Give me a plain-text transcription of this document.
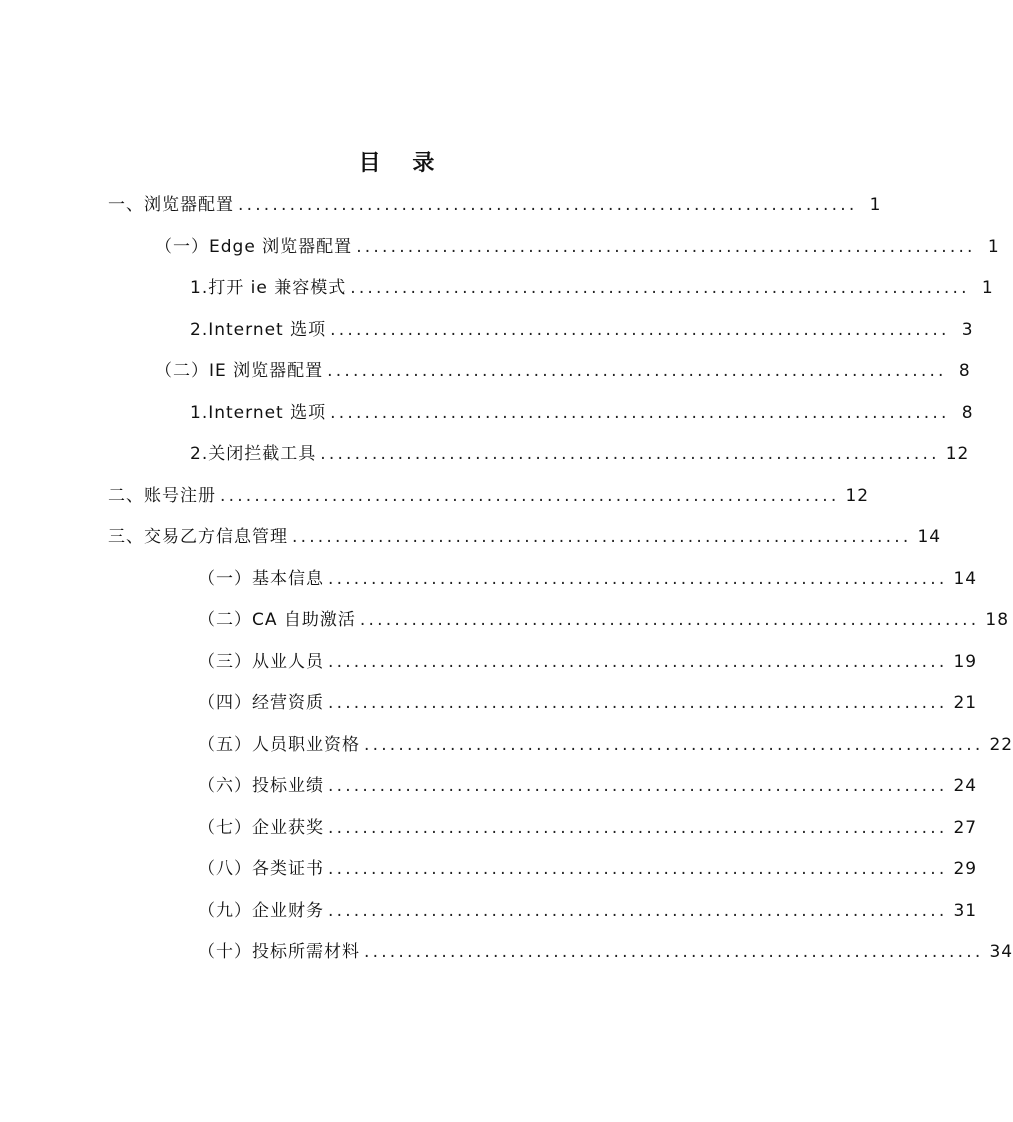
目 录
一、浏览器配置 ........................................................................ 1
（一）Edge 浏览器配置 ........................................................................ 1
1.打开 ie 兼容模式 ........................................................................ 1
2.Internet 选项 ........................................................................ 3
（二）IE 浏览器配置 ........................................................................ 8
1.Internet 选项 ........................................................................ 8
2.关闭拦截工具 ........................................................................ 12
二、账号注册 ........................................................................ 12
三、交易乙方信息管理 ........................................................................ 14
（一）基本信息 ........................................................................ 14
（二）CA 自助激活 ........................................................................ 18
（三）从业人员 ........................................................................ 19
（四）经营资质 ........................................................................ 21
（五）人员职业资格 ........................................................................ 22
（六）投标业绩 ........................................................................ 24
（七）企业获奖 ........................................................................ 27
（八）各类证书 ........................................................................ 29
（九）企业财务 ........................................................................ 31
（十）投标所需材料 ........................................................................ 34
